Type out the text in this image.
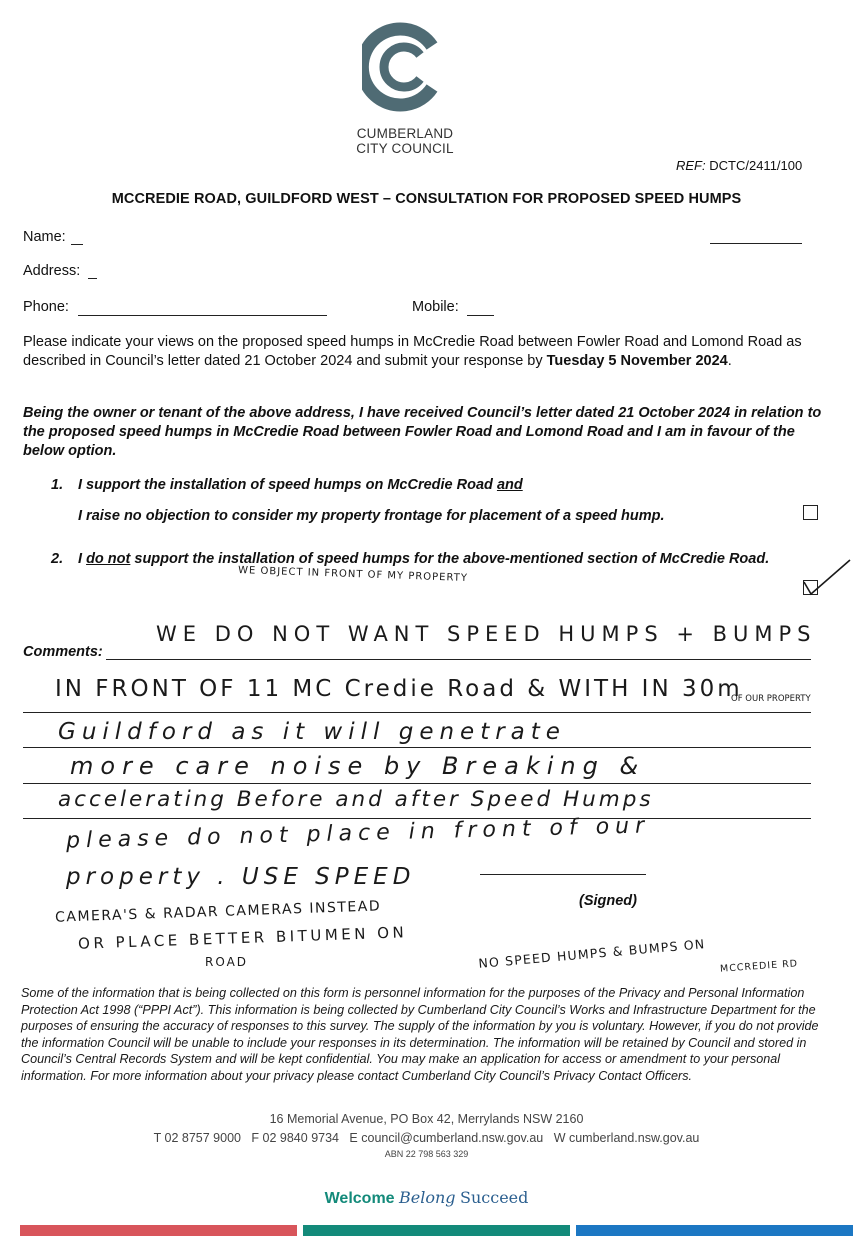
CUMBERLAND
CITY COUNCIL
REF: DCTC/2411/100
MCCREDIE ROAD, GUILDFORD WEST – CONSULTATION FOR PROPOSED SPEED HUMPS
Name:
Address:
Phone:	Mobile:
Please indicate your views on the proposed speed humps in McCredie Road between Fowler Road and Lomond Road as described in Council’s letter dated 21 October 2024 and submit your response by Tuesday 5 November 2024.
Being the owner or tenant of the above address, I have received Council’s letter dated 21 October 2024 in relation to the proposed speed humps in McCredie Road between Fowler Road and Lomond Road and I am in favour of the below option.
1. I support the installation of speed humps on McCredie Road and
I raise no objection to consider my property frontage for placement of a speed hump.
2. I do not support the installation of speed humps for the above-mentioned section of McCredie Road.
WE OBJECT IN FRONT OF MY PROPERTY
Comments:
WE DO NOT WANT SPEED HUMPS + BUMPS
IN FRONT OF 11 MC Credie Road & WITH IN 30m
OF OUR PROPERTY
Guildford as it will genetrate
more care noise by Breaking &
accelerating Before and after Speed Humps
please do not place in front of our
property . USE SPEED
(Signed)
CAMERA'S & RADAR CAMERAS INSTEAD
OR PLACE BETTER BITUMEN ON
ROAD	NO SPEED HUMPS & BUMPS ON MCCREDIE RD
Some of the information that is being collected on this form is personnel information for the purposes of the Privacy and Personal Information Protection Act 1998 (“PPPI Act”). This information is being collected by Cumberland City Council’s Works and Infrastructure Department for the purposes of ensuring the accuracy of responses to this survey. The supply of the information by you is voluntary. However, if you do not provide the information Council will be unable to include your responses in its determination. The information will be retained by Council and stored in Council’s Central Records System and will be kept confidential. You may make an application for access or amendment to your personal information. For more information about your privacy please contact Cumberland City Council’s Privacy Contact Officers.
16 Memorial Avenue, PO Box 42, Merrylands NSW 2160
T 02 8757 9000 F 02 9840 9734 E council@cumberland.nsw.gov.au W cumberland.nsw.gov.au
ABN 22 798 563 329
Welcome Belong Succeed
